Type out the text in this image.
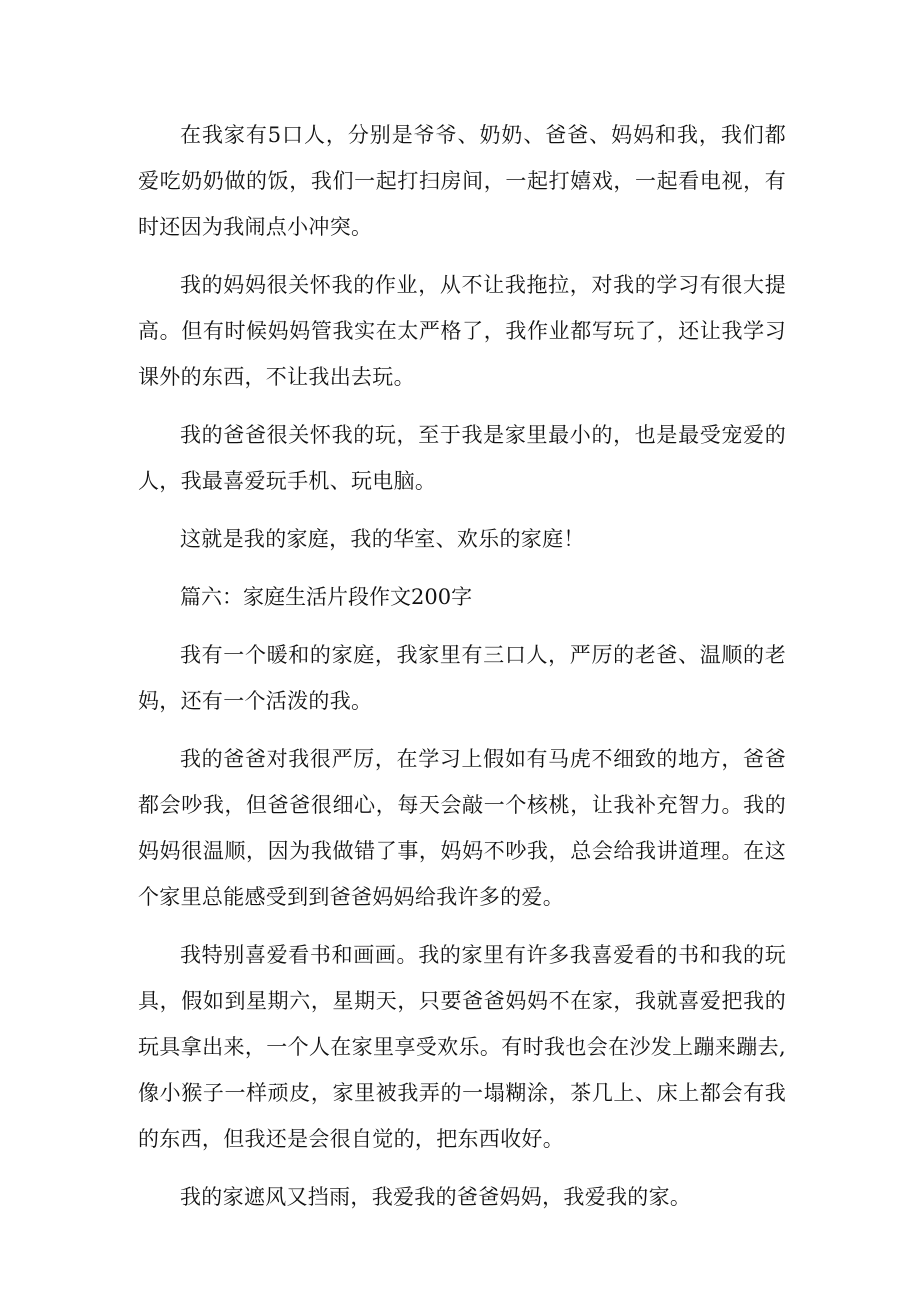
在我家有5口人，分别是爷爷、奶奶、爸爸、妈妈和我，我们都爱吃奶奶做的饭，我们一起打扫房间，一起打嬉戏，一起看电视，有时还因为我闹点小冲突。

我的妈妈很关怀我的作业，从不让我拖拉，对我的学习有很大提高。但有时候妈妈管我实在太严格了，我作业都写玩了，还让我学习课外的东西，不让我出去玩。

我的爸爸很关怀我的玩，至于我是家里最小的，也是最受宠爱的人，我最喜爱玩手机、玩电脑。

这就是我的家庭，我的华室、欢乐的家庭！

篇六：家庭生活片段作文200字

我有一个暖和的家庭，我家里有三口人，严厉的老爸、温顺的老妈，还有一个活泼的我。

我的爸爸对我很严厉，在学习上假如有马虎不细致的地方，爸爸都会吵我，但爸爸很细心，每天会敲一个核桃，让我补充智力。我的妈妈很温顺，因为我做错了事，妈妈不吵我，总会给我讲道理。在这个家里总能感受到到爸爸妈妈给我许多的爱。

我特别喜爱看书和画画。我的家里有许多我喜爱看的书和我的玩具，假如到星期六，星期天，只要爸爸妈妈不在家，我就喜爱把我的玩具拿出来，一个人在家里享受欢乐。有时我也会在沙发上蹦来蹦去,像小猴子一样顽皮，家里被我弄的一塌糊涂，茶几上、床上都会有我的东西，但我还是会很自觉的，把东西收好。

我的家遮风又挡雨，我爱我的爸爸妈妈，我爱我的家。
